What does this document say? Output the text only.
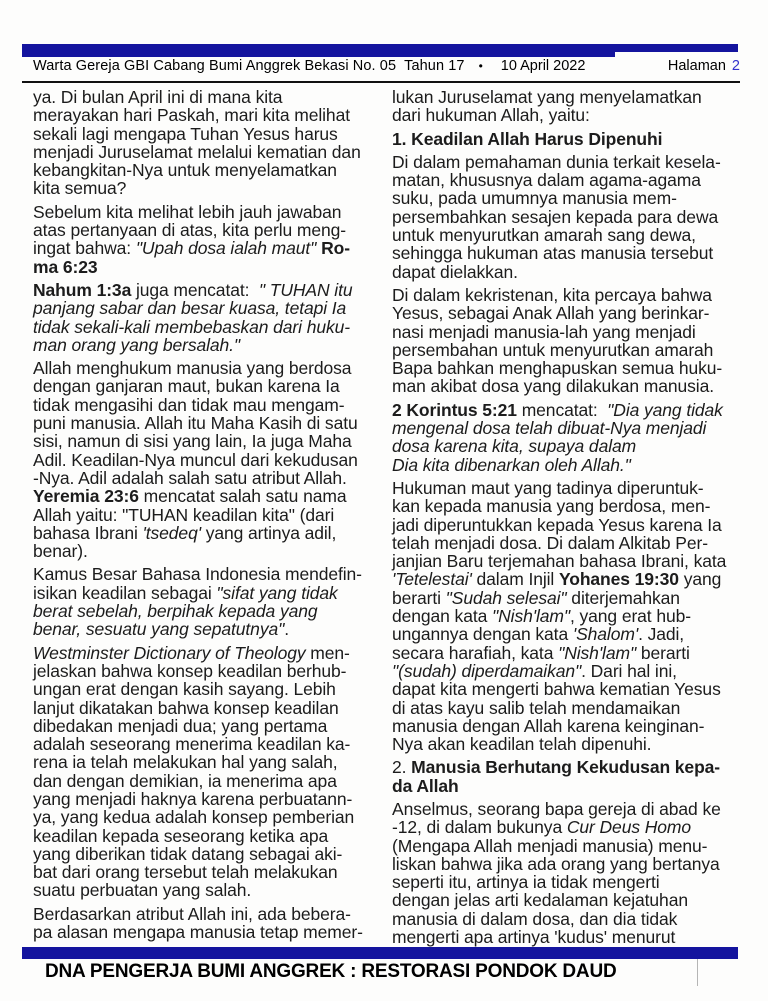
Warta Gereja GBI Cabang Bumi Anggrek Bekasi No. 05  Tahun 17 • 10 April 2022	Halaman 2
ya. Di bulan April ini di mana kita
merayakan hari Paskah, mari kita melihat
sekali lagi mengapa Tuhan Yesus harus
menjadi Juruselamat melalui kematian dan
kebangkitan-Nya untuk menyelamatkan
kita semua?
Sebelum kita melihat lebih jauh jawaban
atas pertanyaan di atas, kita perlu meng-
ingat bahwa: "Upah dosa ialah maut" Ro-
ma 6:23
Nahum 1:3a juga mencatat:  " TUHAN itu
panjang sabar dan besar kuasa, tetapi Ia
tidak sekali-kali membebaskan dari huku-
man orang yang bersalah."
Allah menghukum manusia yang berdosa
dengan ganjaran maut, bukan karena Ia
tidak mengasihi dan tidak mau mengam-
puni manusia. Allah itu Maha Kasih di satu
sisi, namun di sisi yang lain, Ia juga Maha
Adil. Keadilan-Nya muncul dari kekudusan
-Nya. Adil adalah salah satu atribut Allah.
Yeremia 23:6 mencatat salah satu nama
Allah yaitu: "TUHAN keadilan kita" (dari
bahasa Ibrani 'tsedeq' yang artinya adil,
benar).
Kamus Besar Bahasa Indonesia mendefin-
isikan keadilan sebagai "sifat yang tidak
berat sebelah, berpihak kepada yang
benar, sesuatu yang sepatutnya".
Westminster Dictionary of Theology men-
jelaskan bahwa konsep keadilan berhub-
ungan erat dengan kasih sayang. Lebih
lanjut dikatakan bahwa konsep keadilan
dibedakan menjadi dua; yang pertama
adalah seseorang menerima keadilan ka-
rena ia telah melakukan hal yang salah,
dan dengan demikian, ia menerima apa
yang menjadi haknya karena perbuatann-
ya, yang kedua adalah konsep pemberian
keadilan kepada seseorang ketika apa
yang diberikan tidak datang sebagai aki-
bat dari orang tersebut telah melakukan
suatu perbuatan yang salah.
Berdasarkan atribut Allah ini, ada bebera-
pa alasan mengapa manusia tetap memer-
lukan Juruselamat yang menyelamatkan
dari hukuman Allah, yaitu:
1. Keadilan Allah Harus Dipenuhi
Di dalam pemahaman dunia terkait kesela-
matan, khususnya dalam agama-agama
suku, pada umumnya manusia mem-
persembahkan sesajen kepada para dewa
untuk menyurutkan amarah sang dewa,
sehingga hukuman atas manusia tersebut
dapat dielakkan.
Di dalam kekristenan, kita percaya bahwa
Yesus, sebagai Anak Allah yang berinkar-
nasi menjadi manusia-lah yang menjadi
persembahan untuk menyurutkan amarah
Bapa bahkan menghapuskan semua huku-
man akibat dosa yang dilakukan manusia.
2 Korintus 5:21 mencatat:  "Dia yang tidak
mengenal dosa telah dibuat-Nya menjadi
dosa karena kita, supaya dalam
Dia kita dibenarkan oleh Allah."
Hukuman maut yang tadinya diperuntuk-
kan kepada manusia yang berdosa, men-
jadi diperuntukkan kepada Yesus karena Ia
telah menjadi dosa. Di dalam Alkitab Per-
janjian Baru terjemahan bahasa Ibrani, kata
'Tetelestai' dalam Injil Yohanes 19:30 yang
berarti "Sudah selesai" diterjemahkan
dengan kata "Nish'lam", yang erat hub-
ungannya dengan kata 'Shalom'. Jadi,
secara harafiah, kata "Nish'lam" berarti
"(sudah) diperdamaikan". Dari hal ini,
dapat kita mengerti bahwa kematian Yesus
di atas kayu salib telah mendamaikan
manusia dengan Allah karena keinginan-
Nya akan keadilan telah dipenuhi.
2. Manusia Berhutang Kekudusan kepa-
da Allah
Anselmus, seorang bapa gereja di abad ke
-12, di dalam bukunya Cur Deus Homo
(Mengapa Allah menjadi manusia) menu-
liskan bahwa jika ada orang yang bertanya
seperti itu, artinya ia tidak mengerti
dengan jelas arti kedalaman kejatuhan
manusia di dalam dosa, dan dia tidak
mengerti apa artinya 'kudus' menurut
DNA PENGERJA BUMI ANGGREK : RESTORASI PONDOK DAUD
